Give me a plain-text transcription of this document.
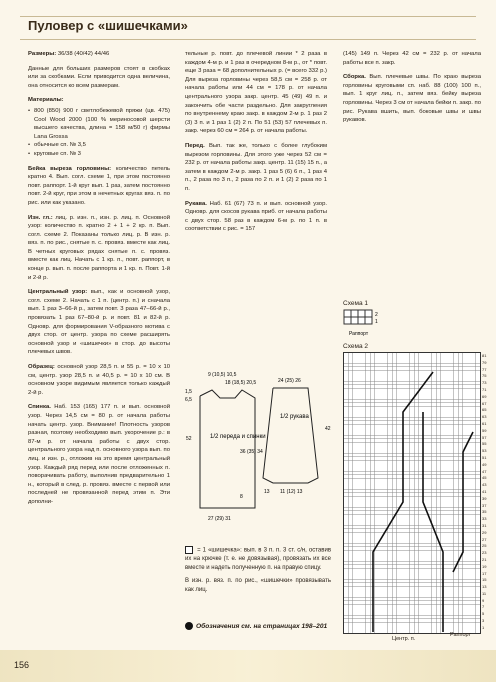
Пуловер с «шишечками»

Размеры: 36/38 (40/42) 44/46

Данные для больших размеров стоят в скобках или за скобками. Если приводится одна величина, она относится ко всем размерам.

Материалы:

• 800 (850) 900 г светлобежевой пряжи (цв. 475) Cool Wood 2000 (100 % мериносовой шерсти высшего качества, длина = 158 м/50 г) фирмы Lana Grossa
• обычные сп. № 3,5
• круговые сп. № 3

Бейка выреза горловины: количество петель кратно 4. Вып. согл. схеме 1, при этом постоянно повт. раппорт. 1-й круг вып. 1 раз, затем постоянно повт. 2-й круг, при этом в нечетных кругах вяз. п. по рис. или как указано.

Изн. гл.: лиц. р. изн. п., изн. р. лиц. п. Основной узор: количество п. кратно 2 + 1 + 2 кр. п. Вып. согл. схеме 2. Показаны только лиц. р. В изн. р. вяз. п. по рис., снятые п. с. провяз. вместе как лиц. В четных круговых рядах снятые п. с. провяз. вместе как лиц. Начать с 1 кр. п., повт. раппорт, в конце р. вып. п. после раппорта и 1 кр. п. Повт. 1-й и 2-й р.

Центральный узор: вып., как и основной узор, согл. схеме 2. Начать с 1 п. (центр. п.) и сначала вып. 1 раз 3–66-й р., затем повт. 3 раза 47–66-й р., провязать 1 раз 67–80-й р. и повт. 81 и 82-й р. Одновр. для формирования V-образного мотива с двух стор. от центр. узора по схеме расширять основной узор и «шишечки» в стор. до высоты плечевых швов.

Образец: основной узор 28,5 п. и 55 р. = 10 х 10 см, центр. узор 28,5 п. и 40,5 р. = 10 х 10 см. В основном узоре видимым является только каждый 2-й р.

Спинка. Наб. 153 (165) 177 п. и вып. основной узор. Через 14,5 см = 80 р. от начала работы начать центр. узор. Внимание! Плотность узоров разная, поэтому необходимо вып. укорочение р.: в 87-м р. от начала работы с двух стор. центрального узора над п. основного узора вып. по лиц. и изн. р., отложив на это время центральный узор. Каждый ряд перед или после отложенных п. поворачивать работу, выполнив предварительно 1 н., который в след. р. провяз. вместе с первой или последней не провязанной перед этим п. Эти дополни-

тельные р. повт. до плечевой линии * 2 раза в каждом 4-м р. и 1 раз в очередном 8-м р., от * повт. еще 3 раза = 68 дополнительных р. (= всего 332 р.) Для выреза горловины через 58,5 см = 258 р. от начала работы или 44 см = 178 р. от начала центрального узора закр. центр. 45 (49) 49 п. и закончить обе части раздельно. Для закругления по внутреннему краю закр. в каждом 2-м р. 1 раз 2 (3) 3 п. и 1 раз 1 (2) 2 п. По 51 (53) 57 плечевых п. закр. через 60 см = 264 р. от начала работы.

Перед. Вып. так же, только с более глубоким вырезом горловины. Для этого уже через 52 см = 232 р. от начала работы закр. центр. 11 (15) 15 п., а затем в каждом 2-м р. закр. 1 раз 5 (6) 6 п., 1 раз 4 п., 2 раза по 3 п., 2 раза по 2 п. и 1 (2) 2 раза по 1 п.

Рукава. Наб. 61 (67) 73 п. и вып. основной узор. Одновр. для скосов рукава приб. от начала работы с двух стор. 58 раз в каждом 6-м р. по 1 п. в соответствии с рис. = 157

(145) 149 п. Через 42 см = 232 р. от начала работы все п. закр.

Сборка. Вып. плечевые швы. По краю выреза горловины круговыми сп. наб. 88 (100) 100 п., вып. 1 круг лиц. п., затем вяз. бейку выреза горловины. Через 3 см от начала бейки п. закр. по рис. Рукава вшить, вып. боковые швы и швы рукавов.

Схема 1
2
1
Раппорт
Схема 2
81
79
77
75
73
71
69
67
65
63
61
59
57
55
53
51
49
47
45
43
41
39
37
35
33
31
29
27
25
23
21
19
17
15
13
11
9
7
5
3
1
Центр. п.
Раппорт
9 (10,5) 10,5
18 (18,5) 20,5
1,5
6,5
24 (25) 26
52
36 (35) 34
8
27 (29) 31
42
11 (12) 13
13
1/2 переда и спинки
1/2 рукава

= 1 «шишечка»: вып. в 3 п. п. 3 ст. с/н, оставив их на крючке (т. е. не довязывая), провязать их все вместе и надеть полученную п. на правую спицу.

В изн. р. вяз. п. по рис., «шишечки» провязывать как лиц.

Обозначения см. на страницах 198–201
156
